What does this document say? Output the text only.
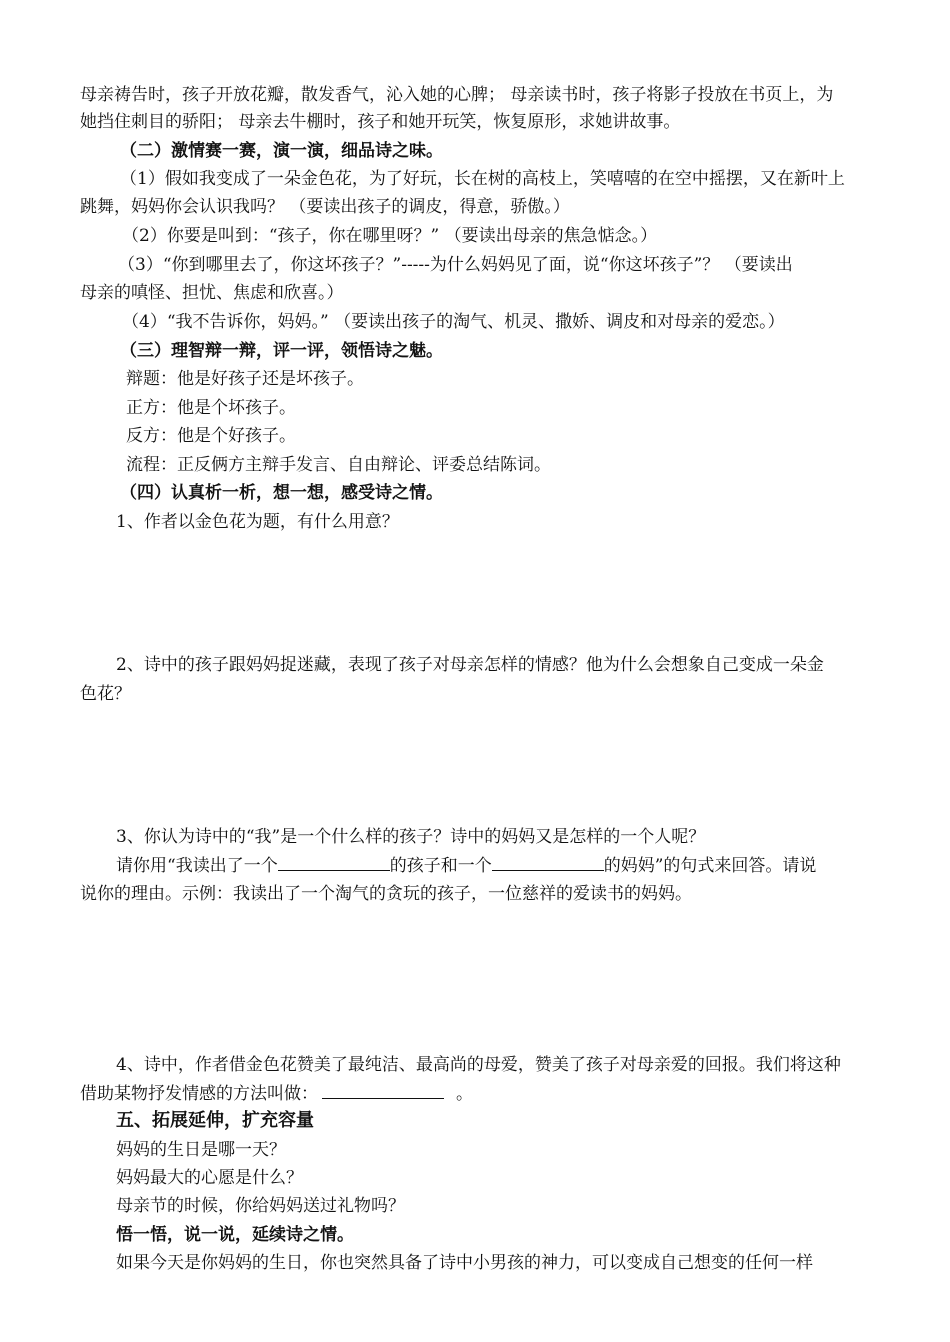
母亲祷告时，孩子开放花瓣，散发香气，沁入她的心脾； 母亲读书时，孩子将影子投放在书页上，为
她挡住刺目的骄阳； 母亲去牛棚时，孩子和她开玩笑，恢复原形，求她讲故事。
（二）激情赛一赛，演一演，细品诗之味。
（1）假如我变成了一朵金色花，为了好玩，长在树的高枝上，笑嘻嘻的在空中摇摆，又在新叶上
跳舞，妈妈你会认识我吗？ （要读出孩子的调皮，得意，骄傲。）
（2）你要是叫到：“孩子，你在哪里呀？” （要读出母亲的焦急惦念。）
（3）“你到哪里去了，你这坏孩子？”-----为什么妈妈见了面，说“你这坏孩子”？ （要读出
母亲的嗔怪、担忧、焦虑和欣喜。）
（4）“我不告诉你，妈妈。” （要读出孩子的淘气、机灵、撒娇、调皮和对母亲的爱恋。）
（三）理智辩一辩，评一评，领悟诗之魅。
辩题：他是好孩子还是坏孩子。
正方：他是个坏孩子。
反方：他是个好孩子。
流程：正反俩方主辩手发言、自由辩论、评委总结陈词。
（四）认真析一析，想一想，感受诗之情。
1、作者以金色花为题，有什么用意？
2、诗中的孩子跟妈妈捉迷藏，表现了孩子对母亲怎样的情感？他为什么会想象自己变成一朵金
色花？
3、你认为诗中的“我”是一个什么样的孩子？诗中的妈妈又是怎样的一个人呢？
请你用“我读出了一个	的孩子和一个	的妈妈”的句式来回答。请说
说你的理由。示例：我读出了一个淘气的贪玩的孩子，一位慈祥的爱读书的妈妈。
4、诗中，作者借金色花赞美了最纯洁、最高尚的母爱，赞美了孩子对母亲爱的回报。我们将这种
借助某物抒发情感的方法叫做：	。
五、拓展延伸，扩充容量
妈妈的生日是哪一天？
妈妈最大的心愿是什么？
母亲节的时候，你给妈妈送过礼物吗？
悟一悟，说一说，延续诗之情。
如果今天是你妈妈的生日，你也突然具备了诗中小男孩的神力，可以变成自己想变的任何一样
